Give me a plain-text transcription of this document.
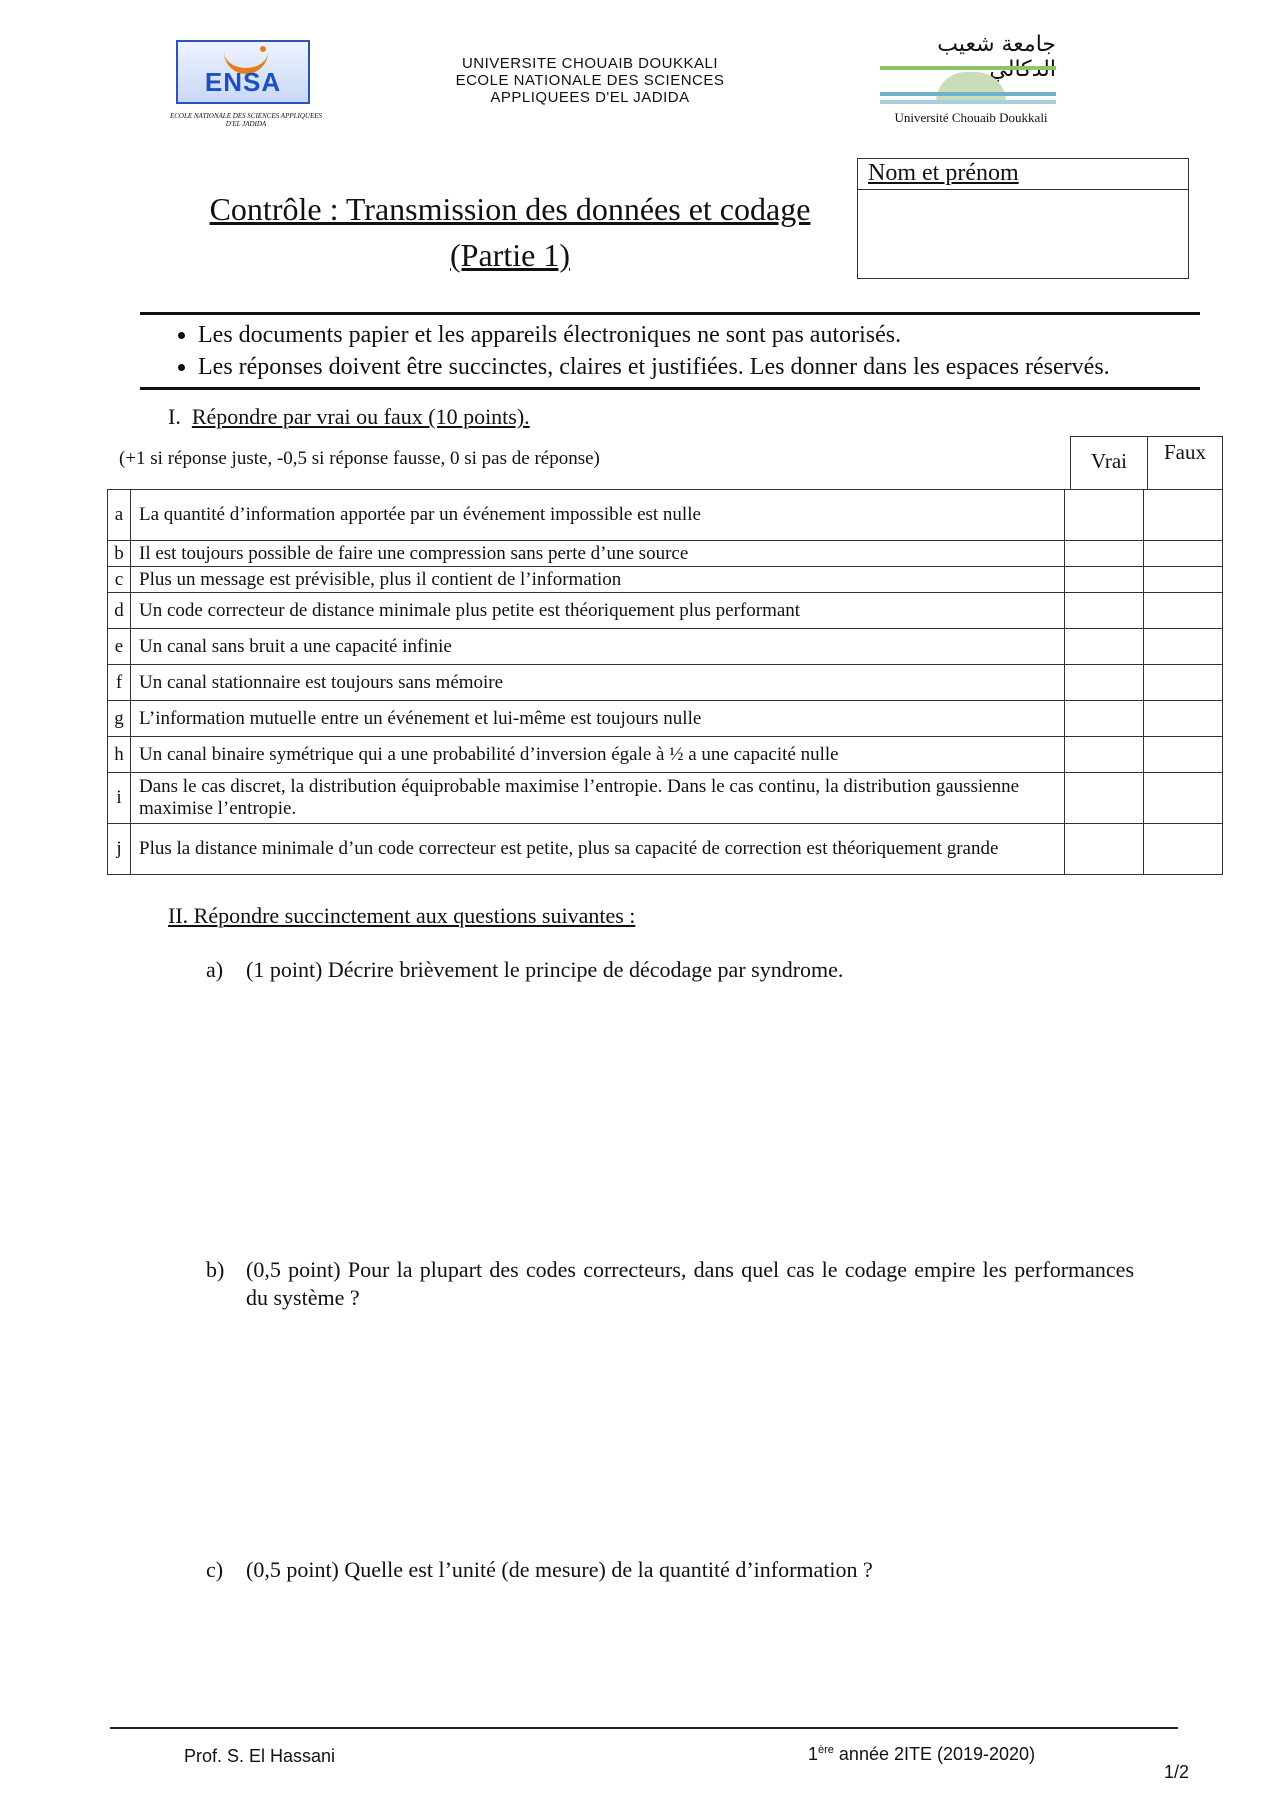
ENSA
ECOLE NATIONALE DES SCIENCES APPLIQUEES D'EL JADIDA
UNIVERSITE CHOUAIB DOUKKALI
ECOLE NATIONALE DES SCIENCES
APPLIQUEES D'EL JADIDA
جامعة شعيب
Université Chouaib Doukkali
Contrôle : Transmission des données et codage
(Partie 1)
Nom et prénom
• Les documents papier et les appareils électroniques ne sont pas autorisés.
• Les réponses doivent être succinctes, claires et justifiées. Les donner dans les espaces réservés.
I. Répondre par vrai ou faux (10 points).
(+1 si réponse juste, -0,5 si réponse fausse, 0 si pas de réponse)	Vrai	Faux
a	La quantité d’information apportée par un événement impossible est nulle		
b	Il est toujours possible de faire une compression sans perte d’une source		
c	Plus un message est prévisible, plus il contient de l’information		
d	Un code correcteur de distance minimale plus petite est théoriquement plus performant		
e	Un canal sans bruit a une capacité infinie		
f	Un canal stationnaire est toujours sans mémoire		
g	L’information mutuelle entre un événement et lui-même est toujours nulle		
h	Un canal binaire symétrique qui a une probabilité d’inversion égale à ½ a une capacité nulle		
i	Dans le cas discret, la distribution équiprobable maximise l’entropie. Dans le cas continu, la distribution gaussienne maximise l’entropie.		
j	Plus la distance minimale d’un code correcteur est petite, plus sa capacité de correction est théoriquement grande		
II. Répondre succinctement aux questions suivantes :
a) (1 point) Décrire brièvement le principe de décodage par syndrome.
b) (0,5 point) Pour la plupart des codes correcteurs, dans quel cas le codage empire les performances du système ?
c) (0,5 point) Quelle est l’unité (de mesure) de la quantité d’information ?
Prof. S. El Hassani	1ère année 2ITE (2019-2020)
1/2
